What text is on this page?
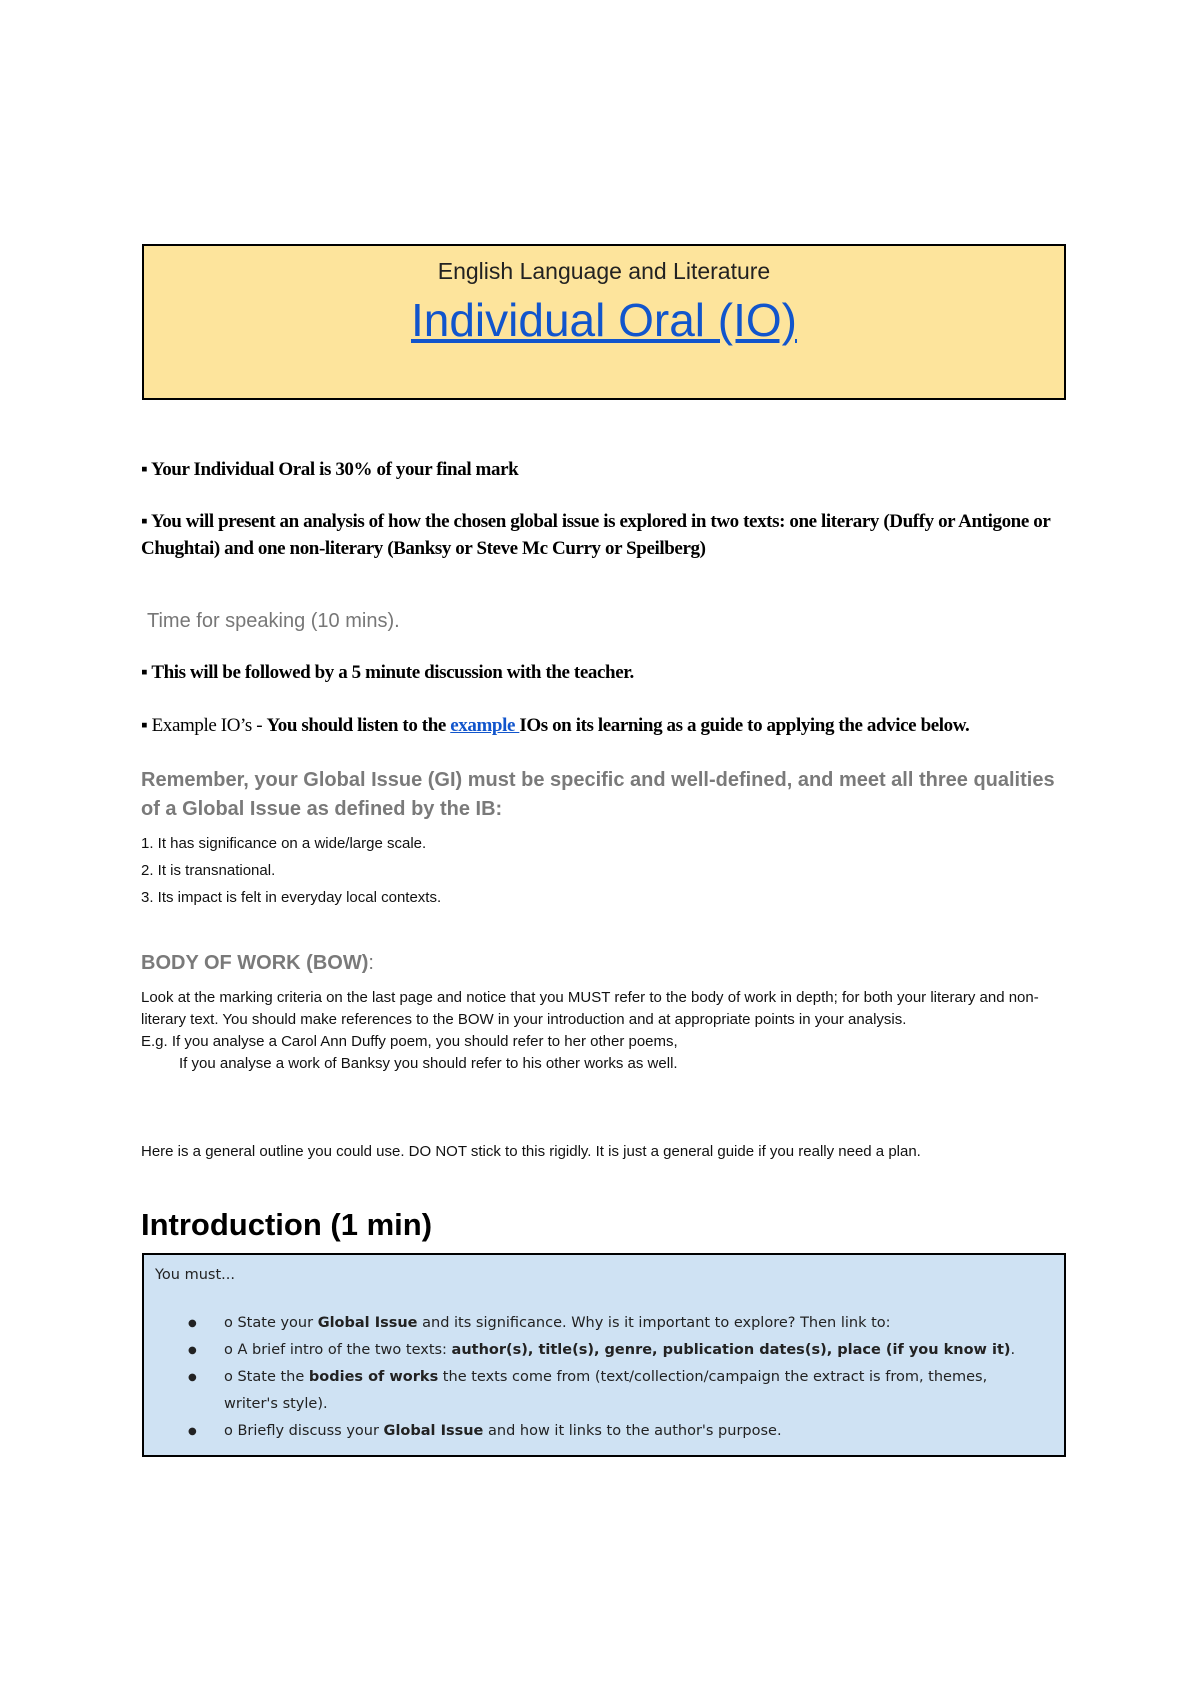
English Language and Literature
Individual Oral (IO)
▪ Your Individual Oral is 30% of your final mark
▪ You will present an analysis of how the chosen global issue is explored in two texts: one literary (Duffy or Antigone or Chughtai) and one non-literary (Banksy or Steve Mc Curry or Speilberg)
Time for speaking (10 mins).
▪ This will be followed by a 5 minute discussion with the teacher.
▪ Example IO’s - You should listen to the example IOs on its learning as a guide to applying the advice below.
Remember, your Global Issue (GI) must be specific and well-defined, and meet all three qualities of a Global Issue as defined by the IB:
1. It has significance on a wide/large scale.
2. It is transnational.
3. Its impact is felt in everyday local contexts.
BODY OF WORK (BOW):
Look at the marking criteria on the last page and notice that you MUST refer to the body of work in depth; for both your literary and non-literary text. You should make references to the BOW in your introduction and at appropriate points in your analysis.
E.g. If you analyse a Carol Ann Duffy poem, you should refer to her other poems,
If you analyse a work of Banksy you should refer to his other works as well.
Here is a general outline you could use. DO NOT stick to this rigidly. It is just a general guide if you really need a plan.
Introduction (1 min)
You must...
● o State your Global Issue and its significance. Why is it important to explore? Then link to:
● o A brief intro of the two texts: author(s), title(s), genre, publication dates(s), place (if you know it).
● o State the bodies of works the texts come from (text/collection/campaign the extract is from, themes, writer's style).
● o Briefly discuss your Global Issue and how it links to the author's purpose.
